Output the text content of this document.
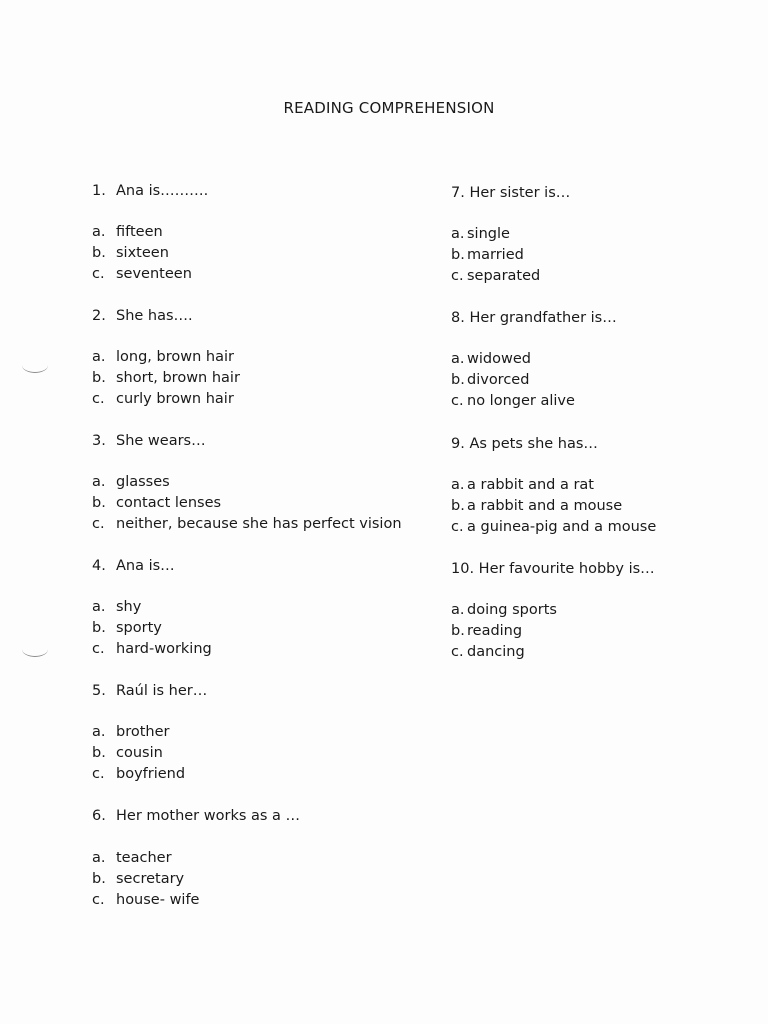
READING COMPREHENSION

1. Ana is……….

a. fifteen
b. sixteen
c. seventeen

2. She has….

a. long, brown hair
b. short, brown hair
c. curly brown hair

3. She wears…

a. glasses
b. contact lenses
c. neither, because she has perfect vision

4. Ana is…

a. shy
b. sporty
c. hard-working

5. Raúl is her…

a. brother
b. cousin
c. boyfriend

6. Her mother works as a …

a. teacher
b. secretary
c. house- wife

7. Her sister is…

a. single
b. married
c. separated

8. Her grandfather is…

a. widowed
b. divorced
c. no longer alive

9. As pets she has…

a. a rabbit and a rat
b. a rabbit and a mouse
c. a guinea-pig and a mouse

10. Her favourite hobby is…

a. doing sports
b. reading
c. dancing
